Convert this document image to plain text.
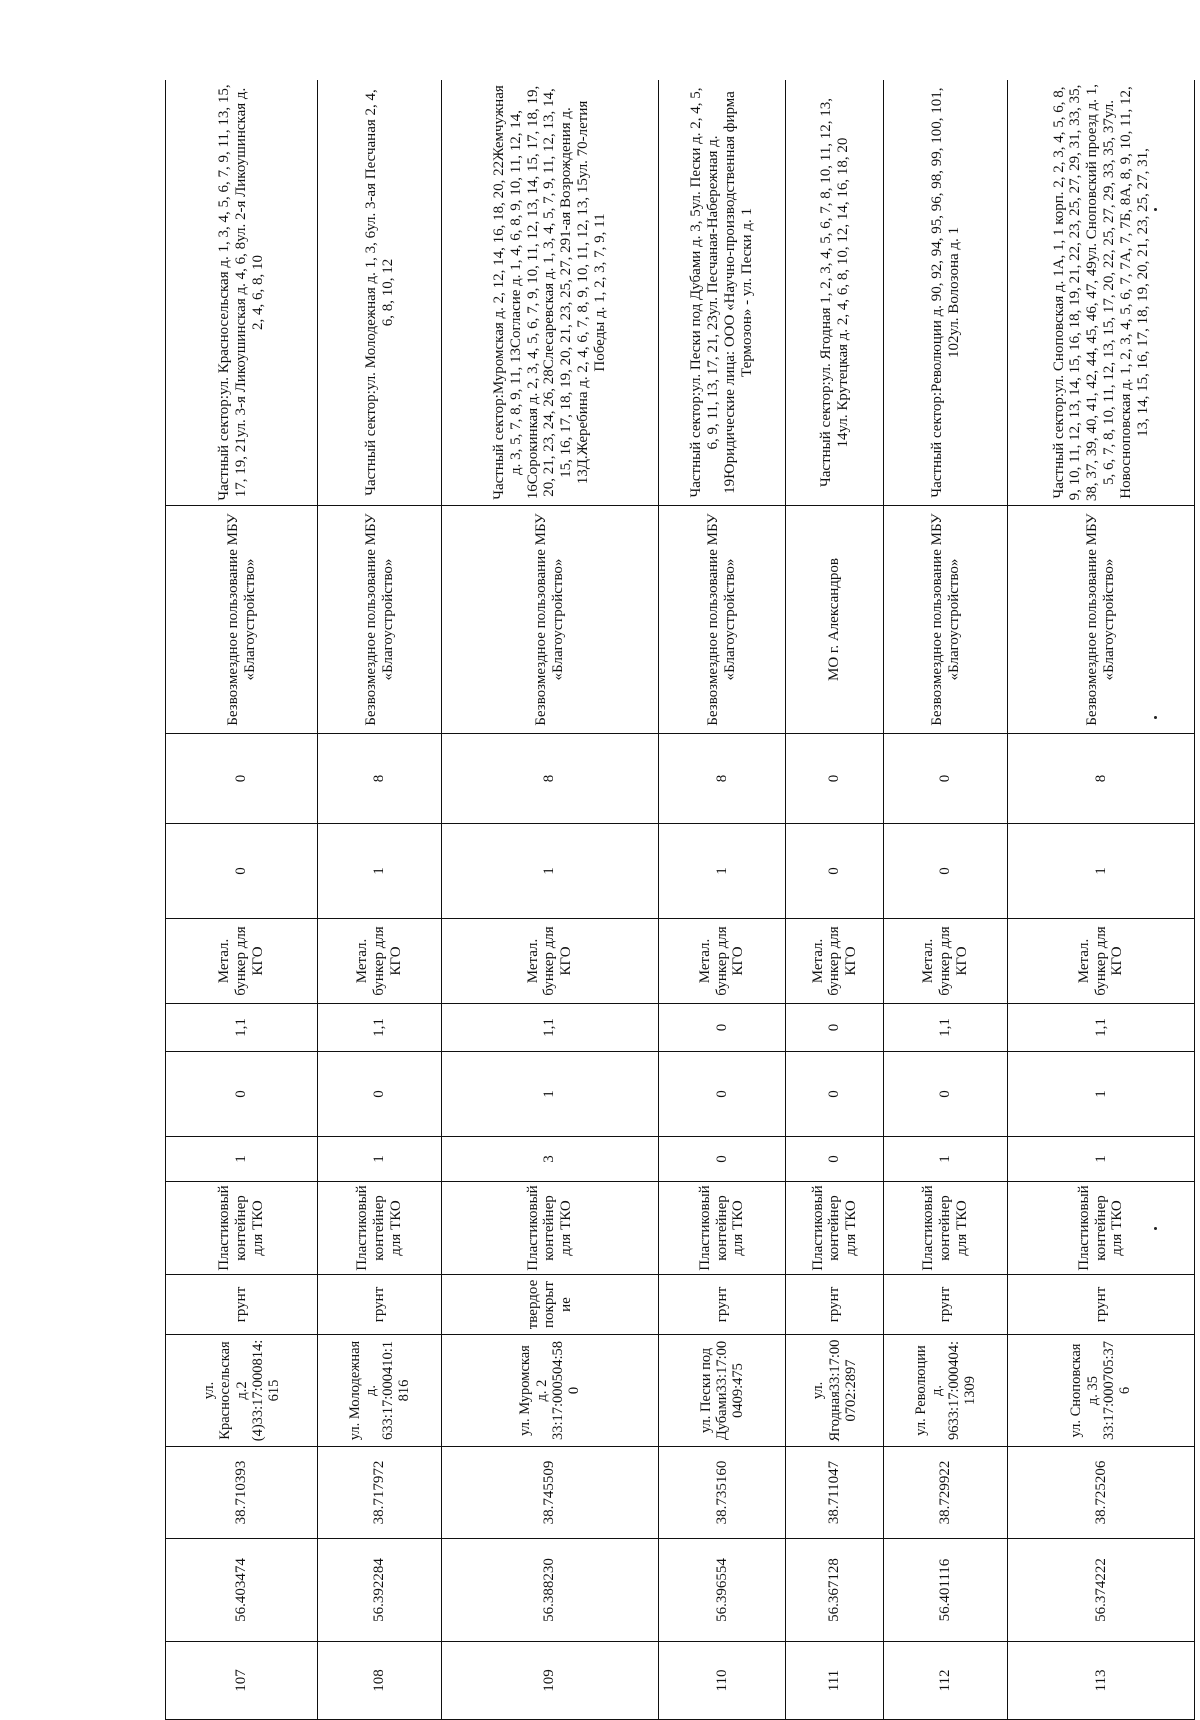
107	56.403474	38.710393	ул. Красносельская д.2 (4)33:17:000814:615	грунт	Пластиковый контейнер для ТКО	1	0	1,1	Метал. бункер для КГО	0	0	Безвозмездное пользование МБУ «Благоустройство»	Частный сектор:ул. Красносельская д. 1, 3, 4, 5, 6, 7, 9, 11, 13, 15, 17, 19, 21ул. 3-я Ликоушинская д. 4, 6, 8ул. 2-я Ликоушинская д. 2, 4, 6, 8, 10
108	56.392284	38.717972	ул. Молодежная д. 633:17:000410:1816	грунт	Пластиковый контейнер для ТКО	1	0	1,1	Метал. бункер для КГО	1	8	Безвозмездное пользование МБУ «Благоустройство»	Частный сектор:ул. Молодежная д. 1, 3, 6ул. 3-ая Песчаная 2, 4, 6, 8, 10, 12
109	56.388230	38.745509	ул. Муромская д. 2 33:17:000504:580	твердое покрытие	Пластиковый контейнер для ТКО	3	1	1,1	Метал. бункер для КГО	1	8	Безвозмездное пользование МБУ «Благоустройство»	Частный сектор:Муромская д. 2, 12, 14, 16, 18, 20, 22Жемчужная д. 3, 5, 7, 8, 9, 11, 13Согласие д. 1, 4, 6, 8, 9, 10, 11, 12, 14, 16Сорокинкая д. 2, 3, 4, 5, 6, 7, 9, 10, 11, 12, 13, 14, 15, 17, 18, 19, 20, 21, 23, 24, 26, 28Слесаревская д. 1, 3, 4, 5, 7, 9, 11, 12, 13, 14, 15, 16, 17, 18, 19, 20, 21, 23, 25, 27, 291-ая Возрождения д. 13Д.Жеребина д. 2, 4, 6, 7, 8, 9, 10, 11, 12, 13, 15ул. 70-летия Победы д. 1, 2, 3, 7, 9, 11
110	56.396554	38.735160	ул. Пески под Дубами33:17:000409:475	грунт	Пластиковый контейнер для ТКО	0	0	0	Метал. бункер для КГО	1	8	Безвозмездное пользование МБУ «Благоустройство»	Частный сектор:ул. Пески под Дубами д. 3, 5ул. Пески д. 2, 4, 5, 6, 9, 11, 13, 17, 21, 23ул. Песчаная-Набережная д. 19Юридические лица: ООО «Научно-производственная фирма Термозон» - ул. Пески д. 1
111	56.367128	38.711047	ул. Ягодная33:17:000702:2897	грунт	Пластиковый контейнер для ТКО	0	0	0	Метал. бункер для КГО	0	0	МО г. Александров	Частный сектор:ул. Ягодная 1, 2, 3, 4, 5, 6, 7, 8, 10, 11, 12, 13, 14ул. Крутецкая д. 2, 4, 6, 8, 10, 12, 14, 16, 18, 20
112	56.401116	38.729922	ул. Революции д. 9633:17:000404:1309	грунт	Пластиковый контейнер для ТКО	1	0	1,1	Метал. бункер для КГО	0	0	Безвозмездное пользование МБУ «Благоустройство»	Частный сектор:Революции д. 90, 92, 94, 95, 96, 98, 99, 100, 101, 102ул. Волозона д. 1
113	56.374222	38.725206	ул. Сноповская д. 35 33:17:000705:376	грунт	Пластиковый контейнер для ТКО	1	1	1,1	Метал. бункер для КГО	1	8	Безвозмездное пользование МБУ «Благоустройство»	Частный сектор:ул. Сноповская д. 1А, 1, 1 корп. 2, 2, 3, 4, 5, 6, 8, 9, 10, 11, 12, 13, 14, 15, 16, 18, 19, 21, 22, 23, 25, 27, 29, 31, 33, 35, 38, 37, 39, 40, 41, 42, 44, 45, 46, 47, 49ул. Сноповский проезд д. 1, 5, 6, 7, 8, 10, 11, 12, 13, 15, 17, 20, 22, 25, 27, 29, 33, 35, 37ул. Новосноповская д. 1, 2, 3, 4, 5, 6, 7, 7А, 7, 7Б, 8А, 8, 9, 10, 11, 12, 13, 14, 15, 16, 17, 18, 19, 20, 21, 23, 25, 27, 31,
